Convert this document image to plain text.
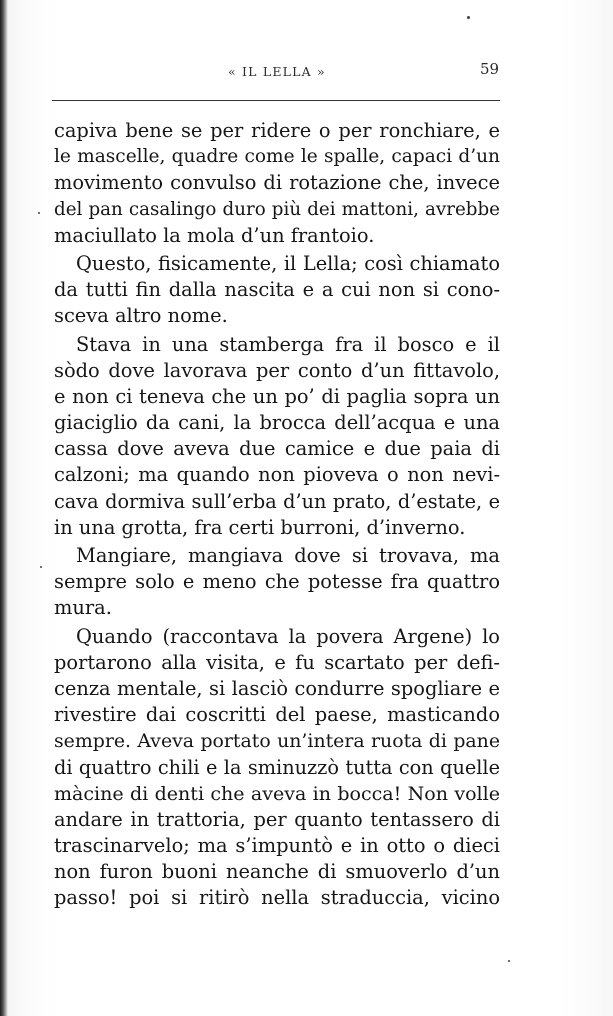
« IL LELLA »	59
capiva bene se per ridere o per ronchiare, e
le mascelle, quadre come le spalle, capaci d’un
movimento convulso di rotazione che, invece
del pan casalingo duro più dei mattoni, avrebbe
maciullato la mola d’un frantoio.
Questo, fisicamente, il Lella; così chiamato
da tutti fin dalla nascita e a cui non si cono-
sceva altro nome.
Stava in una stamberga fra il bosco e il
sòdo dove lavorava per conto d’un fittavolo,
e non ci teneva che un po’ di paglia sopra un
giaciglio da cani, la brocca dell’acqua e una
cassa dove aveva due camice e due paia di
calzoni; ma quando non pioveva o non nevi-
cava dormiva sull’erba d’un prato, d’estate, e
in una grotta, fra certi burroni, d’inverno.
Mangiare, mangiava dove si trovava, ma
sempre solo e meno che potesse fra quattro
mura.
Quando (raccontava la povera Argene) lo
portarono alla visita, e fu scartato per defi-
cenza mentale, si lasciò condurre spogliare e
rivestire dai coscritti del paese, masticando
sempre. Aveva portato un’intera ruota di pane
di quattro chili e la sminuzzò tutta con quelle
màcine di denti che aveva in bocca! Non volle
andare in trattoria, per quanto tentassero di
trascinarvelo; ma s’impuntò e in otto o dieci
non furon buoni neanche di smuoverlo d’un
passo! poi si ritirò nella straduccia, vicino
